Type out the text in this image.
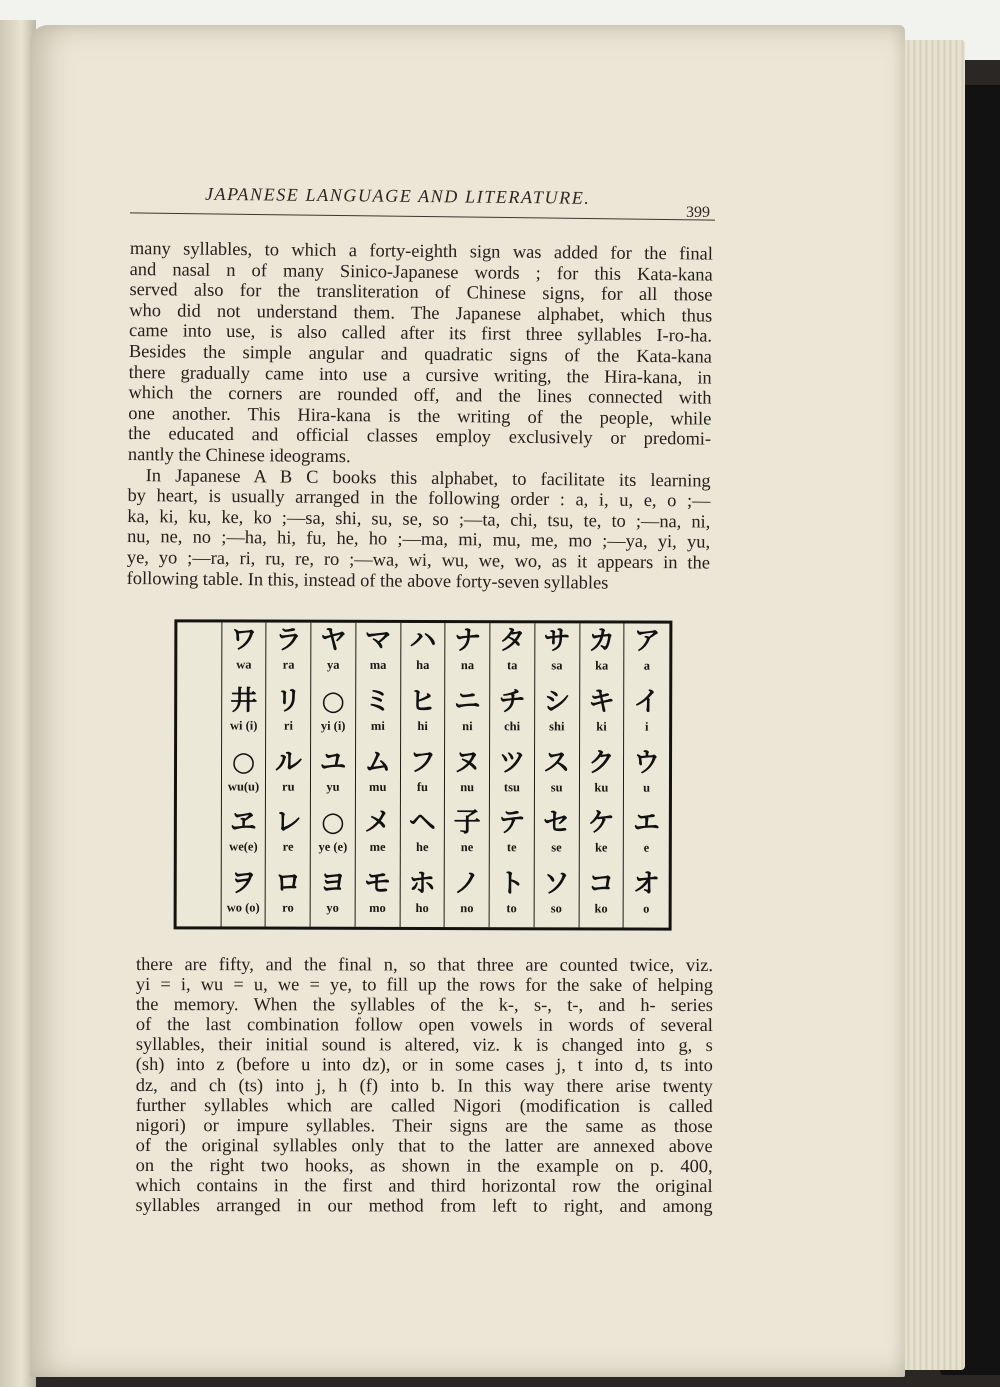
JAPANESE LANGUAGE AND LITERATURE.
399
many syllables, to which a forty-eighth sign was added for the final
and nasal n of many Sinico-Japanese words ; for this Kata-kana
served also for the transliteration of Chinese signs, for all those
who did not understand them. The Japanese alphabet, which thus
came into use, is also called after its first three syllables I-ro-ha.
Besides the simple angular and quadratic signs of the Kata-kana
there gradually came into use a cursive writing, the Hira-kana, in
which the corners are rounded off, and the lines connected with
one another. This Hira-kana is the writing of the people, while
the educated and official classes employ exclusively or predomi-
nantly the Chinese ideograms.
In Japanese A B C books this alphabet, to facilitate its learning
by heart, is usually arranged in the following order : a, i, u, e, o ;—
ka, ki, ku, ke, ko ;—sa, shi, su, se, so ;—ta, chi, tsu, te, to ;—na, ni,
nu, ne, no ;—ha, hi, fu, he, ho ;—ma, mi, mu, me, mo ;—ya, yi, yu,
ye, yo ;—ra, ri, ru, re, ro ;—wa, wi, wu, we, wo, as it appears in the
following table. In this, instead of the above forty-seven syllables
ワ
wa
井
wi (i)
○
wu(u)
ヱ
we(e)
ヲ
wo (o)
ラ
ra
リ
ri
ル
ru
レ
re
ロ
ro
ヤ
ya
○
yi (i)
ユ
yu
○
ye (e)
ヨ
yo
マ
ma
ミ
mi
ム
mu
メ
me
モ
mo
ハ
ha
ヒ
hi
フ
fu
ヘ
he
ホ
ho
ナ
na
ニ
ni
ヌ
nu
子
ne
ノ
no
タ
ta
チ
chi
ツ
tsu
テ
te
ト
to
サ
sa
シ
shi
ス
su
セ
se
ソ
so
カ
ka
キ
ki
ク
ku
ケ
ke
コ
ko
ア
a
イ
i
ウ
u
エ
e
オ
o
there are fifty, and the final n, so that three are counted twice, viz.
yi = i, wu = u, we = ye, to fill up the rows for the sake of helping
the memory. When the syllables of the k-, s-, t-, and h- series
of the last combination follow open vowels in words of several
syllables, their initial sound is altered, viz. k is changed into g, s
(sh) into z (before u into dz), or in some cases j, t into d, ts into
dz, and ch (ts) into j, h (f) into b. In this way there arise twenty
further syllables which are called Nigori (modification is called
nigori) or impure syllables. Their signs are the same as those
of the original syllables only that to the latter are annexed above
on the right two hooks, as shown in the example on p. 400,
which contains in the first and third horizontal row the original
syllables arranged in our method from left to right, and among
